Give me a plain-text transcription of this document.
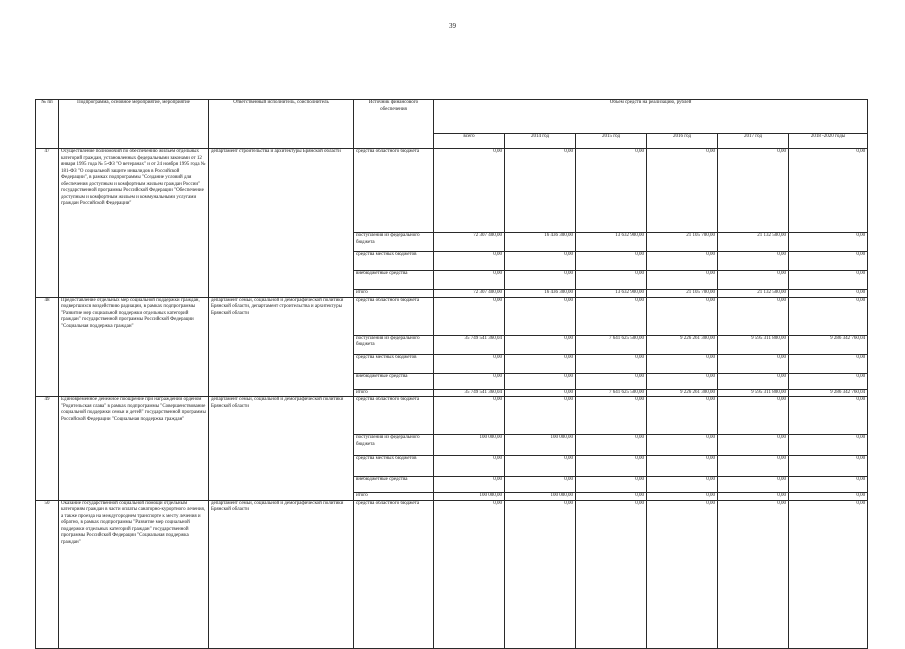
39
№ пп	Подпрограмма, основное мероприятие, мероприятие	Ответственный исполнитель, соисполнитель	Источник финансового обеспечения	Объем средств на реализацию, рублей					
				всего	2014 год	2015 год	2016 год	2017 год	2018 -2020 годы
47	Осуществление полномочий по обеспечению жильем отдельных категорий граждан, установленных федеральными законами от 12 января 1995 года № 5-ФЗ "О ветеранах" и от 24 ноября 1995 года № 181-ФЗ "О социальной защите инвалидов в Российской Федерации", в рамках подпрограммы "Создание условий для обеспечения доступным и комфортным жильем граждан России" государственной программы Российской Федерации "Обеспечение доступным и комфортным жильем и коммунальными услугами граждан Российской Федерации"	департамент строительства и архитектуры Брянской области	средства областного бюджета	0,00	0,00	0,00	0,00	0,00	0,00
			поступления из федерального бюджета	72 307 400,00	16 436 300,00	13 632 900,00	21 105 700,00	21 132 500,00	0,00
			средства местных бюджетов	0,00	0,00	0,00	0,00	0,00	0,00
			внебюджетные средства	0,00	0,00	0,00	0,00	0,00	0,00
			итого	72 307 400,00	16 436 300,00	13 632 900,00	21 105 700,00	21 132 500,00	0,00
48	Предоставление отдельных мер социальной поддержки граждан, подвергшихся воздействию радиации, в рамках подпрограммы "Развитие мер социальной поддержки отдельных категорий граждан" государственной программы Российской Федерации "Социальная поддержка граждан"	департамент семьи, социальной и демографической политики Брянской области, департамент строительства и архитектуры Брянской области	средства областного бюджета	0,00	0,00	0,00	0,00	0,00	0,00
			поступления из федерального бюджета	35 749 541 360,04	0,00	7 641 625 500,00	9 226 261 300,00	9 595 311 800,00	9 286 342 760,04
			средства местных бюджетов	0,00	0,00	0,00	0,00	0,00	0,00
			внебюджетные средства	0,00	0,00	0,00	0,00	0,00	0,00
			итого	35 749 541 360,04	0,00	7 641 625 500,00	9 226 261 300,00	9 595 311 800,00	9 286 342 760,04
49	Единовременное денежное поощрение при награждении орденом "Родительская слава" в рамках подпрограммы "Совершенствование социальной поддержки семьи и детей" государственной программы Российской Федерации "Социальная поддержка граждан"	департамент семьи, социальной и демографической политики Брянской области	средства областного бюджета	0,00	0,00	0,00	0,00	0,00	0,00
			поступления из федерального бюджета	100 000,00	100 000,00	0,00	0,00	0,00	0,00
			средства местных бюджетов	0,00	0,00	0,00	0,00	0,00	0,00
			внебюджетные средства	0,00	0,00	0,00	0,00	0,00	0,00
			итого	100 000,00	100 000,00	0,00	0,00	0,00	0,00
50	Оказание государственной социальной помощи отдельным категориям граждан в части оплаты санаторно-курортного лечения, а также проезда на междугороднем транспорте к месту лечения и обратно, в рамках подпрограммы "Развитие мер социальной поддержки отдельных категорий граждан" государственной программы Российской Федерации "Социальная поддержка граждан"	департамент семьи, социальной и демографической политики Брянской области	средства областного бюджета	0,00	0,00	0,00	0,00	0,00	0,00
